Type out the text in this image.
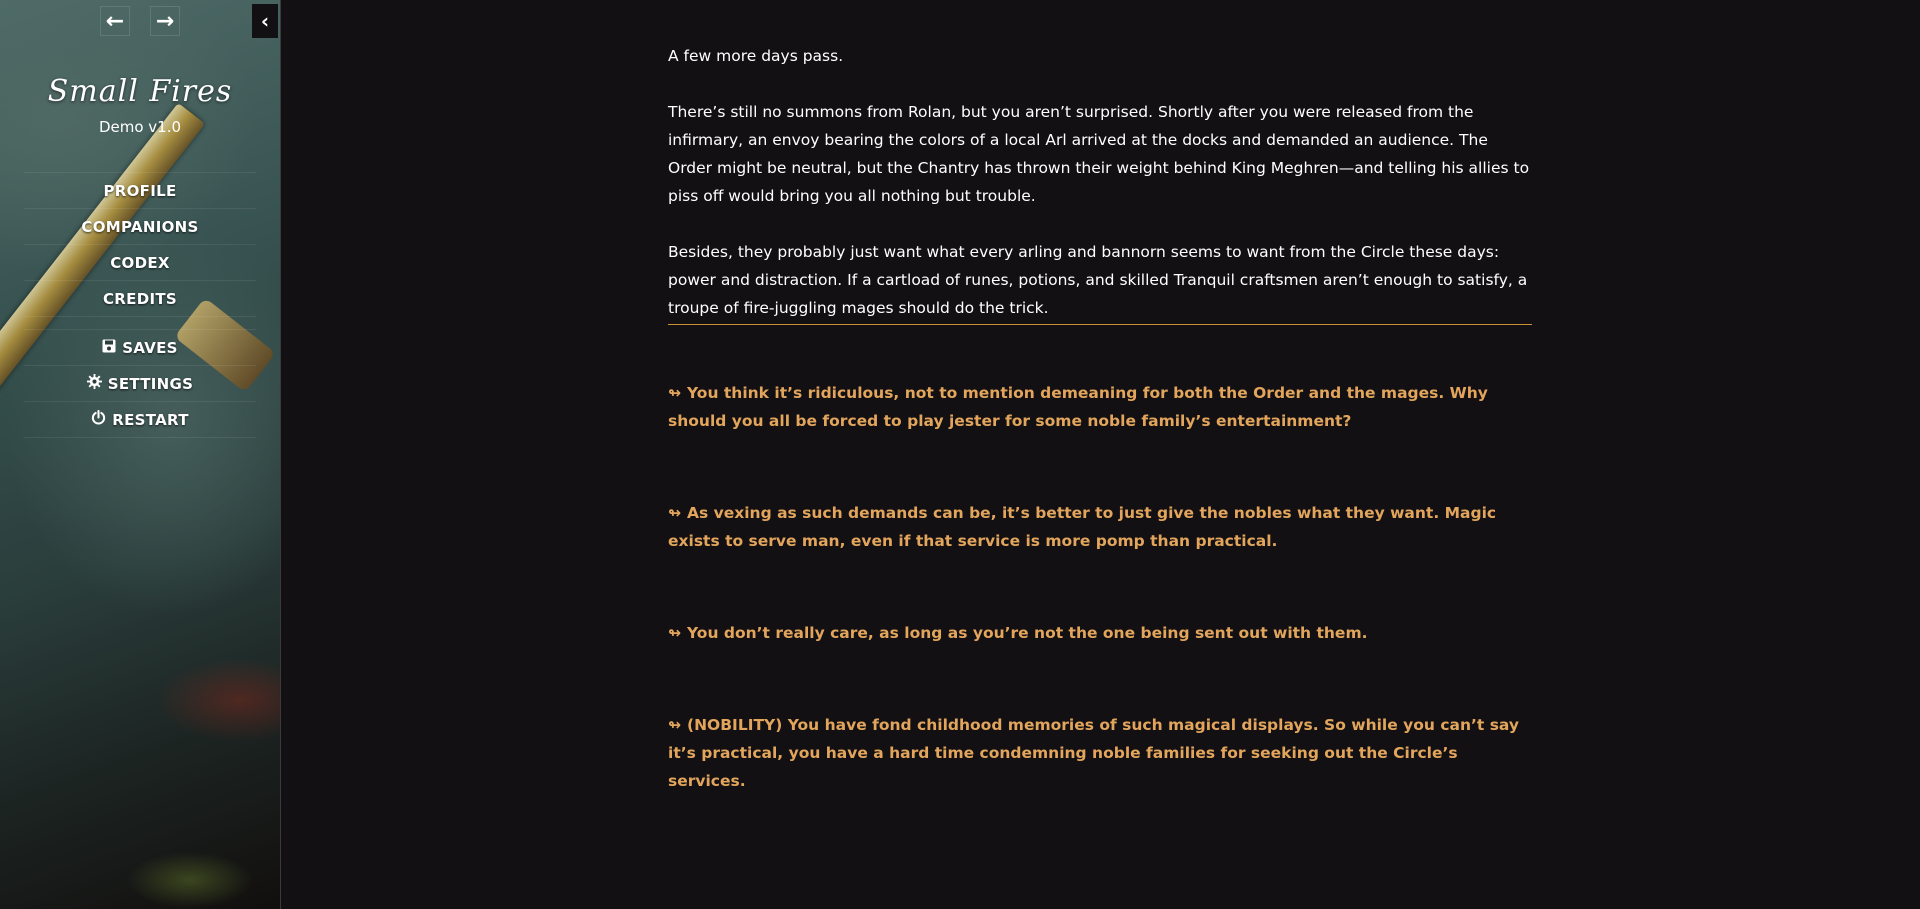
← →	‹
Small Fires
Demo v1.0
PROFILE
COMPANIONS
CODEX
CREDITS
SAVES
SETTINGS
RESTART

A few more days pass.

There’s still no summons from Rolan, but you aren’t surprised. Shortly after you were released from the infirmary, an envoy bearing the colors of a local Arl arrived at the docks and demanded an audience. The Order might be neutral, but the Chantry has thrown their weight behind King Meghren—and telling his allies to piss off would bring you all nothing but trouble.

Besides, they probably just want what every arling and bannorn seems to want from the Circle these days: power and distraction. If a cartload of runes, potions, and skilled Tranquil craftsmen aren’t enough to satisfy, a troupe of fire-juggling mages should do the trick.

↬ You think it’s ridiculous, not to mention demeaning for both the Order and the mages. Why should you all be forced to play jester for some noble family’s entertainment?

↬ As vexing as such demands can be, it’s better to just give the nobles what they want. Magic exists to serve man, even if that service is more pomp than practical.

↬ You don’t really care, as long as you’re not the one being sent out with them.

↬ (NOBILITY) You have fond childhood memories of such magical displays. So while you can’t say it’s practical, you have a hard time condemning noble families for seeking out the Circle’s services.
